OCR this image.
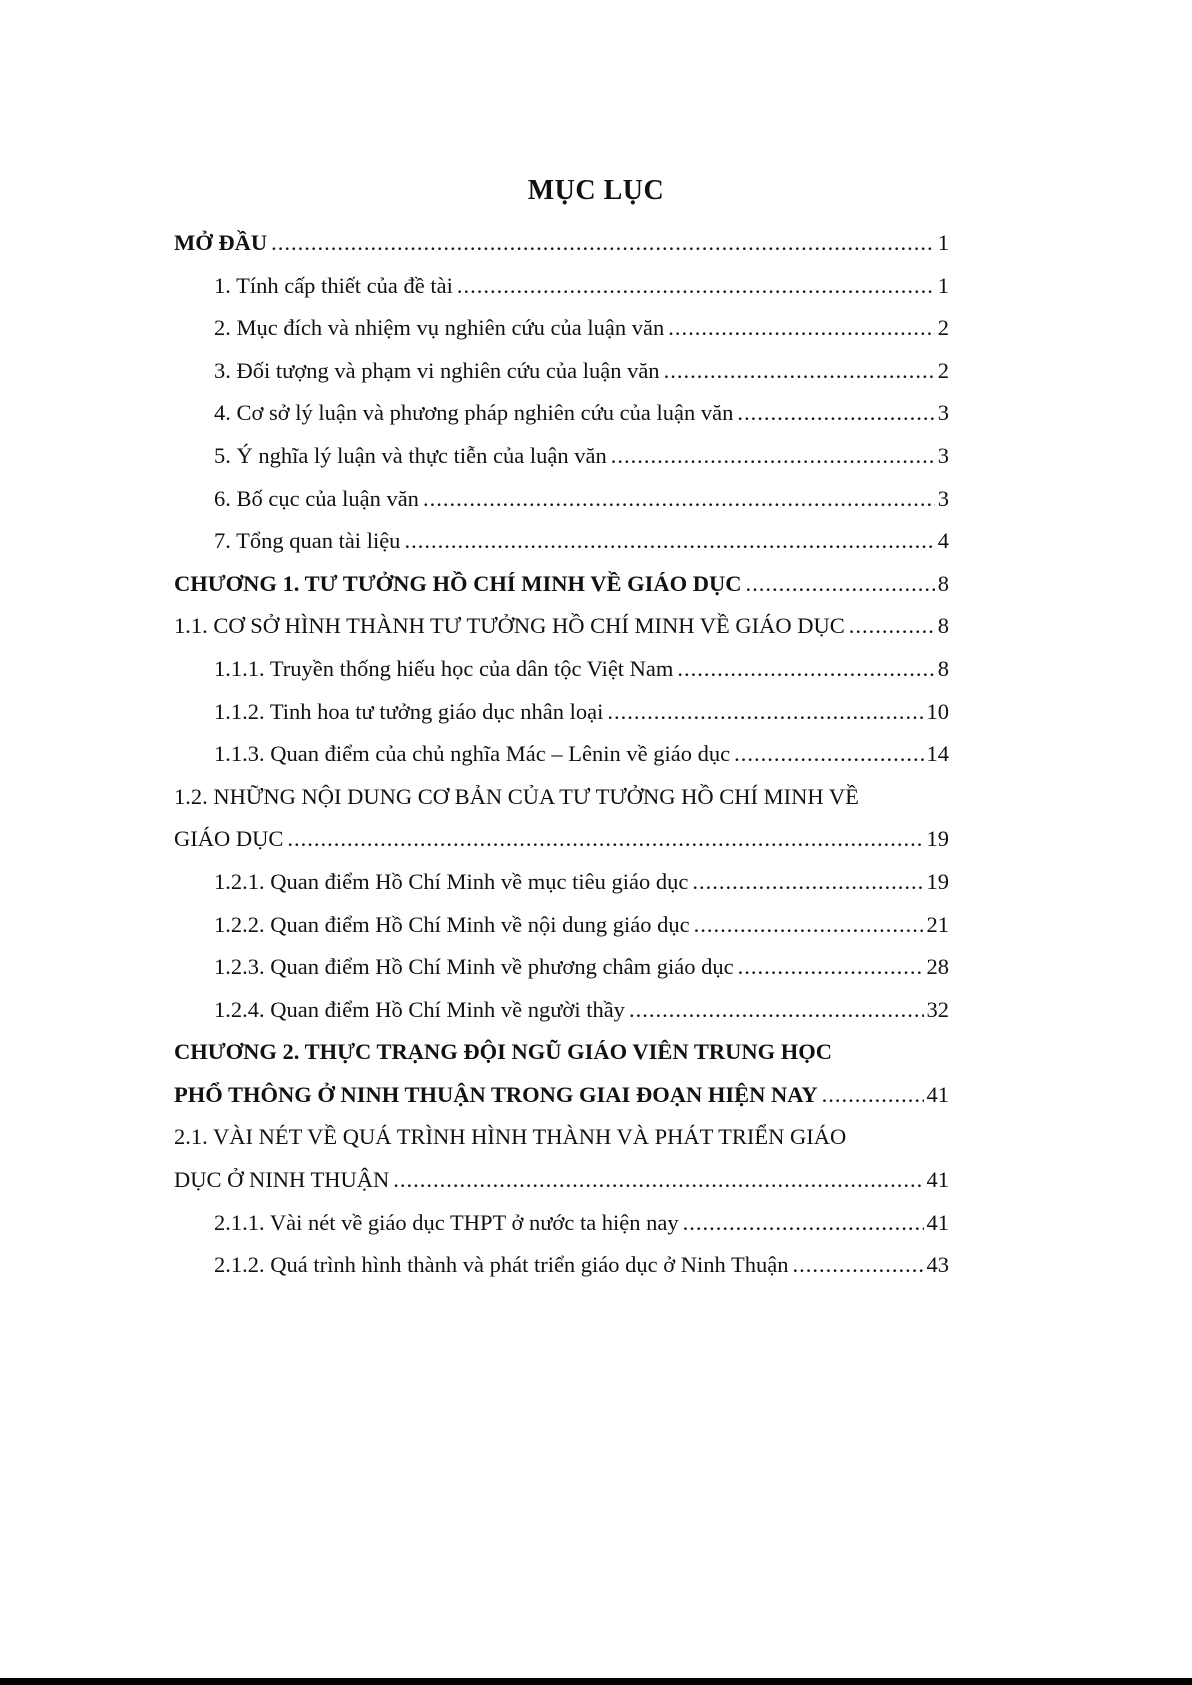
MỤC LỤC
MỞ ĐẦU .....	1
1. Tính cấp thiết của đề tài .....	1
2. Mục đích và nhiệm vụ nghiên cứu của luận văn .....	2
3. Đối tượng và phạm vi nghiên cứu của luận văn .....	2
4. Cơ sở lý luận và phương pháp nghiên cứu của luận văn .....	3
5. Ý nghĩa lý luận và thực tiễn của luận văn .....	3
6. Bố cục của luận văn .....	3
7. Tổng quan tài liệu .....	4
CHƯƠNG 1. TƯ TƯỞNG HỒ CHÍ MINH VỀ GIÁO DỤC .....	8
1.1. CƠ SỞ HÌNH THÀNH TƯ TƯỞNG HỒ CHÍ MINH VỀ GIÁO DỤC .....	8
1.1.1. Truyền thống hiếu học của dân tộc Việt Nam .....	8
1.1.2. Tinh hoa tư tưởng giáo dục nhân loại .....	10
1.1.3. Quan điểm của chủ nghĩa Mác – Lênin về giáo dục .....	14
1.2. NHỮNG NỘI DUNG CƠ BẢN CỦA TƯ TƯỞNG HỒ CHÍ MINH VỀ
GIÁO DỤC .....	19
1.2.1. Quan điểm Hồ Chí Minh về mục tiêu giáo dục .....	19
1.2.2. Quan điểm Hồ Chí Minh về nội dung giáo dục .....	21
1.2.3. Quan điểm Hồ Chí Minh về phương châm giáo dục .....	28
1.2.4. Quan điểm Hồ Chí Minh về người thầy .....	32
CHƯƠNG 2. THỰC TRẠNG ĐỘI NGŨ GIÁO VIÊN TRUNG HỌC
PHỔ THÔNG Ở NINH THUẬN TRONG GIAI ĐOẠN HIỆN NAY .....	41
2.1. VÀI NÉT VỀ QUÁ TRÌNH HÌNH THÀNH VÀ PHÁT TRIỂN GIÁO
DỤC Ở NINH THUẬN .....	41
2.1.1. Vài nét về giáo dục THPT ở nước ta hiện nay .....	41
2.1.2. Quá trình hình thành và phát triển giáo dục ở Ninh Thuận .....	43
